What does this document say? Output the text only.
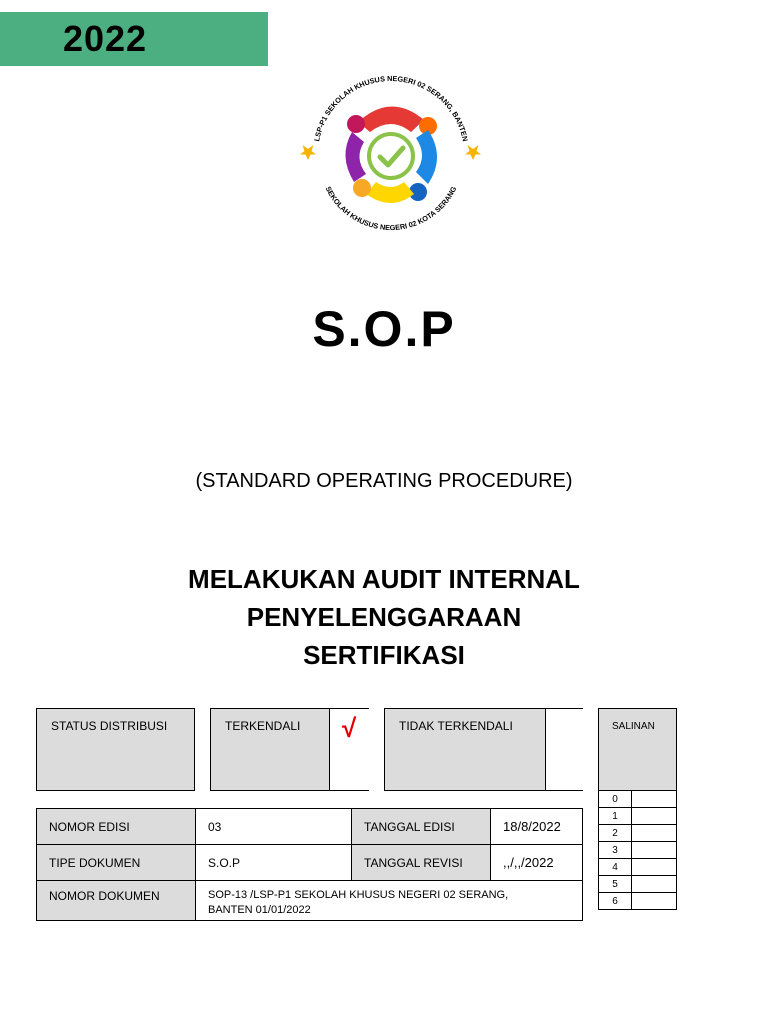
2022
LSP-P1 SEKOLAH KHUSUS NEGERI 02 SERANG, BANTEN
SEKOLAH KHUSUS NEGERI 02 KOTA SERANG
S.O.P
(STANDARD OPERATING PROCEDURE)
MELAKUKAN AUDIT INTERNAL
PENYELENGGARAAN
SERTIFIKASI
STATUS DISTRIBUSI	TERKENDALI √	TIDAK TERKENDALI	SALINAN
NOMOR EDISI	03	TANGGAL EDISI	18/8/2022
TIPE DOKUMEN	S.O.P	TANGGAL REVISI	,,/,,/2022
NOMOR DOKUMEN	SOP-13 /LSP-P1 SEKOLAH KHUSUS NEGERI 02 SERANG, BANTEN 01/01/2022		
0	
1	
2	
3	
4	
5	
6	
